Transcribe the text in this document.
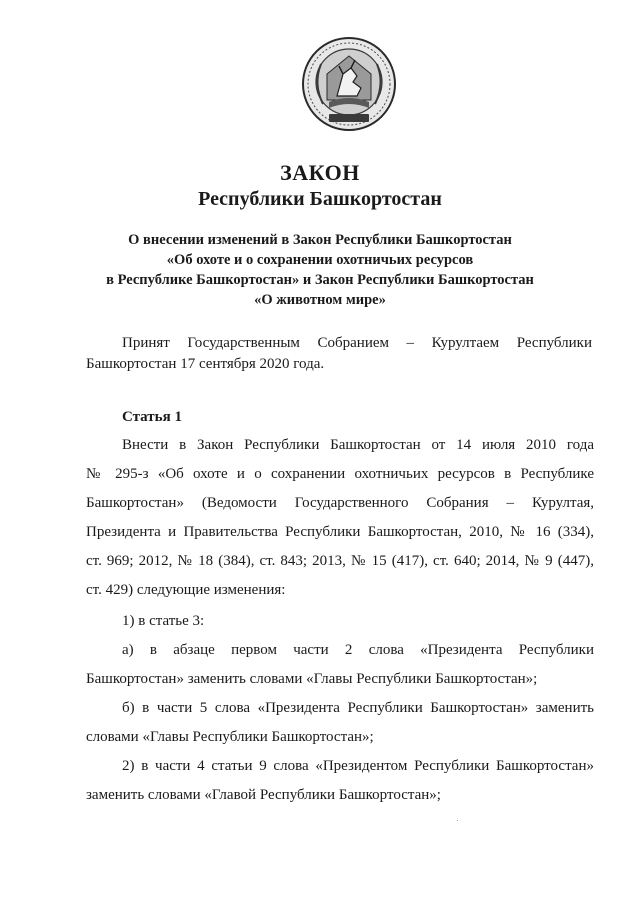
ЗАКОН
Республики Башкортостан
О внесении изменений в Закон Республики Башкортостан
«Об охоте и о сохранении охотничьих ресурсов
в Республике Башкортостан» и Закон Республики Башкортостан
«О животном мире»
Принят Государственным Собранием – Курултаем Республики
Башкортостан 17 сентября 2020 года.
Статья 1
Внести в Закон Республики Башкортостан от 14 июля 2010 года
№ 295-з «Об охоте и о сохранении охотничьих ресурсов в Республике
Башкортостан» (Ведомости Государственного Собрания – Курултая,
Президента и Правительства Республики Башкортостан, 2010, № 16 (334),
ст. 969; 2012, № 18 (384), ст. 843; 2013, № 15 (417), ст. 640; 2014, № 9 (447),
ст. 429) следующие изменения:
1) в статье 3:
а) в абзаце первом части 2 слова «Президента Республики
Башкортостан» заменить словами «Главы Республики Башкортостан»;
б) в части 5 слова «Президента Республики Башкортостан» заменить
словами «Главы Республики Башкортостан»;
2) в части 4 статьи 9 слова «Президентом Республики Башкортостан»
заменить словами «Главой Республики Башкортостан»;
